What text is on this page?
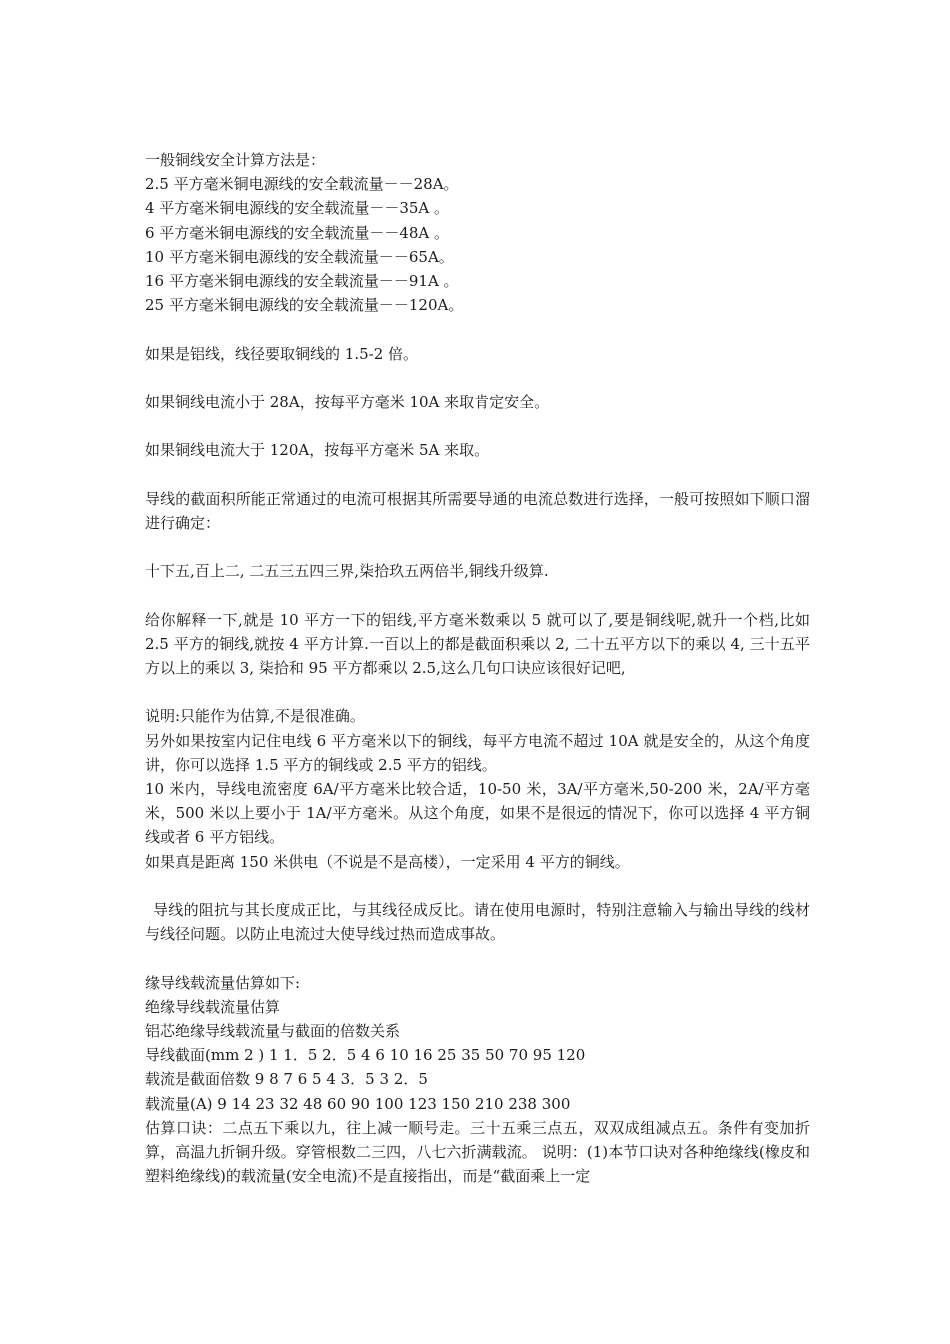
一般铜线安全计算方法是：
2.5 平方毫米铜电源线的安全载流量－－28A。
4 平方毫米铜电源线的安全载流量－－35A 。
6 平方毫米铜电源线的安全载流量－－48A 。
10 平方毫米铜电源线的安全载流量－－65A。
16 平方毫米铜电源线的安全载流量－－91A 。
25 平方毫米铜电源线的安全载流量－－120A。
如果是铝线，线径要取铜线的 1.5-2 倍。
如果铜线电流小于 28A，按每平方毫米 10A 来取肯定安全。
如果铜线电流大于 120A，按每平方毫米 5A 来取。
导线的截面积所能正常通过的电流可根据其所需要导通的电流总数进行选择，一般可按照如下顺口溜进行确定：
十下五,百上二, 二五三五四三界,柒拾玖五两倍半,铜线升级算.
给你解释一下,就是 10 平方一下的铝线,平方毫米数乘以 5 就可以了,要是铜线呢,就升一个档,比如 2.5 平方的铜线,就按 4 平方计算.一百以上的都是截面积乘以 2, 二十五平方以下的乘以 4, 三十五平方以上的乘以 3, 柒拾和 95 平方都乘以 2.5,这么几句口诀应该很好记吧,
说明:只能作为估算,不是很准确。
另外如果按室内记住电线 6 平方毫米以下的铜线，每平方电流不超过 10A 就是安全的，从这个角度讲，你可以选择 1.5 平方的铜线或 2.5 平方的铝线。
10 米内，导线电流密度 6A/平方毫米比较合适，10-50 米，3A/平方毫米,50-200 米，2A/平方毫米，500 米以上要小于 1A/平方毫米。从这个角度，如果不是很远的情况下，你可以选择 4 平方铜线或者 6 平方铝线。
如果真是距离 150 米供电（不说是不是高楼），一定采用 4 平方的铜线。
导线的阻抗与其长度成正比，与其线径成反比。请在使用电源时，特别注意输入与输出导线的线材与线径问题。以防止电流过大使导线过热而造成事故。
缘导线载流量估算如下:
绝缘导线载流量估算
铝芯绝缘导线载流量与截面的倍数关系
导线截面(mm 2 ) 1 1．5 2．5 4 6 10 16 25 35 50 70 95 120
载流是截面倍数 9 8 7 6 5 4 3．5 3 2．5
载流量(A) 9 14 23 32 48 60 90 100 123 150 210 238 300
估算口诀：二点五下乘以九，往上减一顺号走。三十五乘三点五，双双成组减点五。条件有变加折算，高温九折铜升级。穿管根数二三四，八七六折满载流。 说明：(1)本节口诀对各种绝缘线(橡皮和塑料绝缘线)的载流量(安全电流)不是直接指出，而是“截面乘上一定
